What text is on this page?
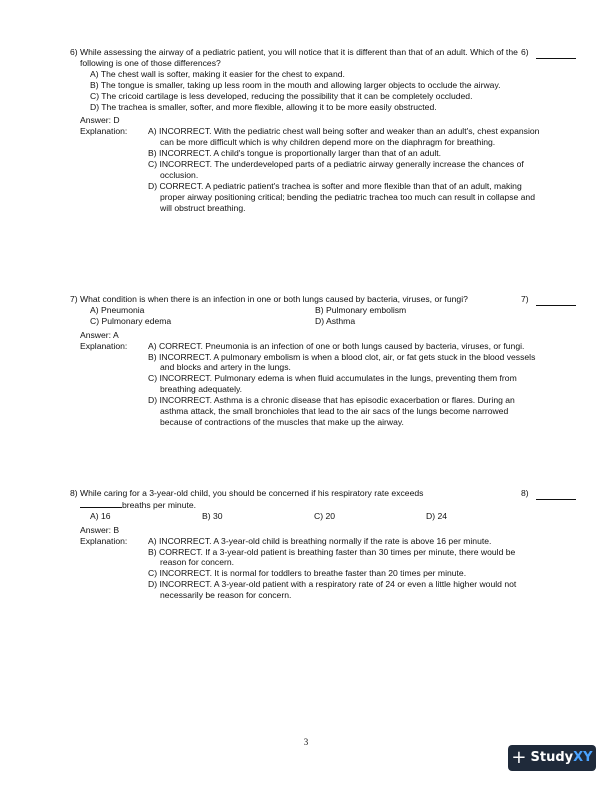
6) While assessing the airway of a pediatric patient, you will notice that it is different than that of an adult. Which of the following is one of those differences?
A) The chest wall is softer, making it easier for the chest to expand.
B) The tongue is smaller, taking up less room in the mouth and allowing larger objects to occlude the airway.
C) The cricoid cartilage is less developed, reducing the possibility that it can be completely occluded.
D) The trachea is smaller, softer, and more flexible, allowing it to be more easily obstructed.
Answer: D
Explanation:	A) INCORRECT. With the pediatric chest wall being softer and weaker than an adult's, chest expansion can be more difficult which is why children depend more on the diaphragm for breathing.
B) INCORRECT. A child's tongue is proportionally larger than that of an adult.
C) INCORRECT. The underdeveloped parts of a pediatric airway generally increase the chances of occlusion.
D) CORRECT. A pediatric patient's trachea is softer and more flexible than that of an adult, making proper airway positioning critical; bending the pediatric trachea too much can result in collapse and will obstruct breathing.
6)
7) What condition is when there is an infection in one or both lungs caused by bacteria, viruses, or fungi?
A) Pneumonia	B) Pulmonary embolism
C) Pulmonary edema	D) Asthma
Answer: A
Explanation:	A) CORRECT. Pneumonia is an infection of one or both lungs caused by bacteria, viruses, or fungi.
B) INCORRECT. A pulmonary embolism is when a blood clot, air, or fat gets stuck in the blood vessels and blocks and artery in the lungs.
C) INCORRECT. Pulmonary edema is when fluid accumulates in the lungs, preventing them from breathing adequately.
D) INCORRECT. Asthma is a chronic disease that has episodic exacerbation or flares. During an asthma attack, the small bronchioles that lead to the air sacs of the lungs become narrowed because of contractions of the muscles that make up the airway.
7)
8) While caring for a 3-year-old child, you should be concerned if his respiratory rate exceeds
breaths per minute.
A) 16	B) 30	C) 20	D) 24
Answer: B
Explanation:	A) INCORRECT. A 3-year-old child is breathing normally if the rate is above 16 per minute.
B) CORRECT. If a 3-year-old patient is breathing faster than 30 times per minute, there would be reason for concern.
C) INCORRECT. It is normal for toddlers to breathe faster than 20 times per minute.
D) INCORRECT. A 3-year-old patient with a respiratory rate of 24 or even a little higher would not necessarily be reason for concern.
8)
3
+ StudyXY
